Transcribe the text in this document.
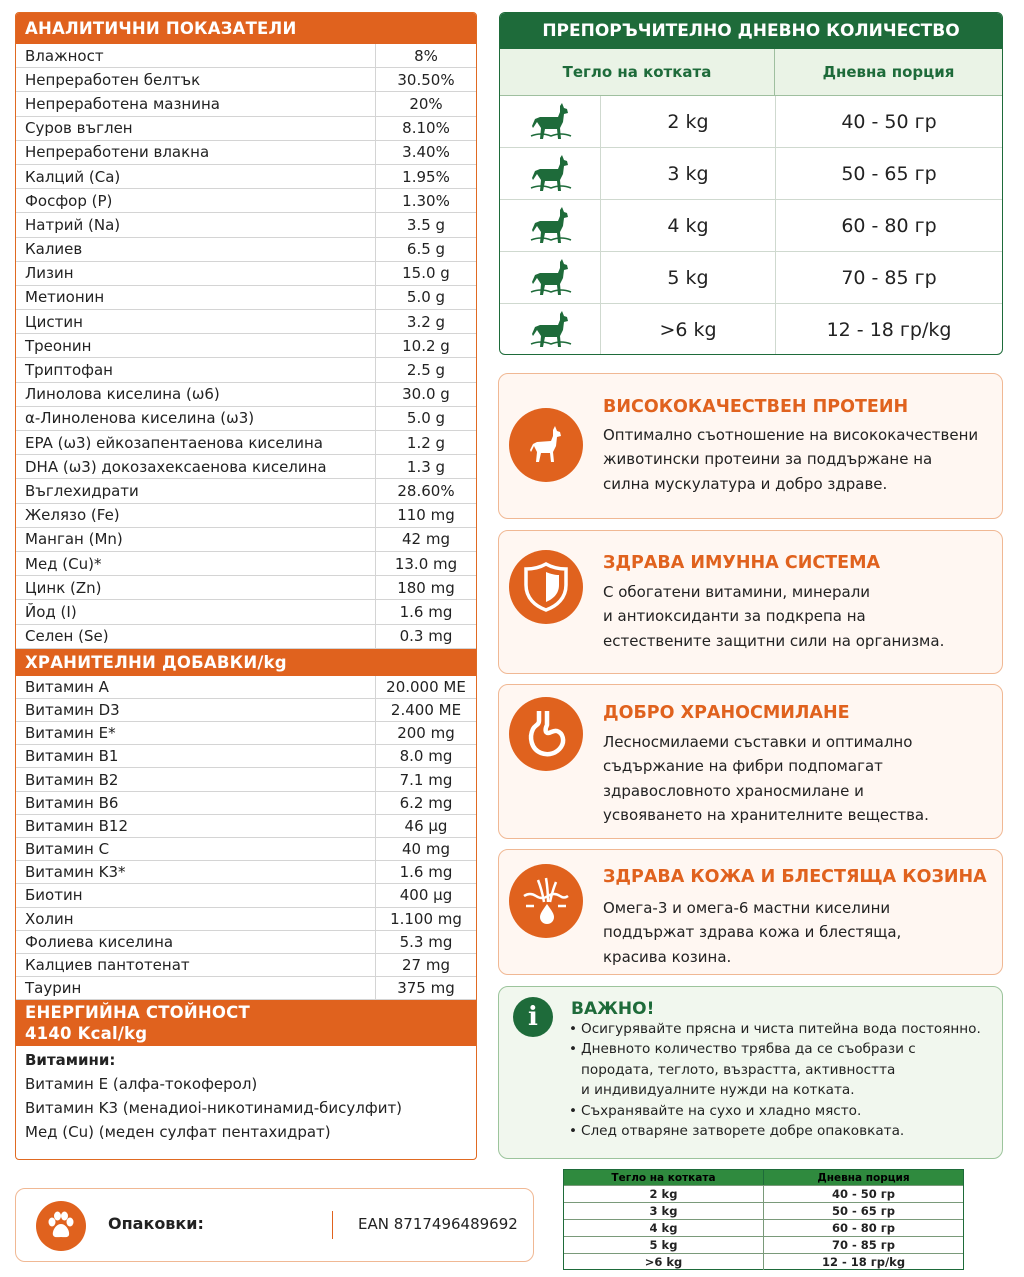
АНАЛИТИЧНИ ПОКАЗАТЕЛИ
Влажност	8%
Непреработен белтък	30.50%
Непреработена мазнина	20%
Суров въглен	8.10%
Непреработени влакна	3.40%
Калций (Ca)	1.95%
Фосфор (P)	1.30%
Натрий (Na)	3.5 g
Калиев	6.5 g
Лизин	15.0 g
Метионин	5.0 g
Цистин	3.2 g
Треонин	10.2 g
Триптофан	2.5 g
Линолова киселина (ω6)	30.0 g
α-Линоленова киселина (ω3)	5.0 g
EPA (ω3) ейкозапентаенова киселина	1.2 g
DHA (ω3) докозахексаенова киселина	1.3 g
Въглехидрати	28.60%
Желязо (Fe)	110 mg
Манган (Mn)	42 mg
Мед (Cu)*	13.0 mg
Цинк (Zn)	180 mg
Йод (I)	1.6 mg
Селен (Se)	0.3 mg
ХРАНИТЕЛНИ ДОБАВКИ/kg
Витамин A	20.000 МЕ
Витамин D3	2.400 МЕ
Витамин E*	200 mg
Витамин B1	8.0 mg
Витамин B2	7.1 mg
Витамин B6	6.2 mg
Витамин B12	46 µg
Витамин C	40 mg
Витамин K3*	1.6 mg
Биотин	400 µg
Холин	1.100 mg
Фолиева киселина	5.3 mg
Калциев пантотенат	27 mg
Таурин	375 mg
ЕНЕРГИЙНА СТОЙНОСТ
4140 Kcal/kg
Витамини:
Витамин E (алфа-токоферол)
Витамин K3 (менадиоі-никотинамид-бисулфит)
Мед (Cu) (меден сулфат пентахидрат)
ПРЕПОРЪЧИТЕЛНО ДНЕВНО КОЛИЧЕСТВО
Тегло на котката	Дневна порция
2 kg	40 - 50 гр
3 kg	50 - 65 гр
4 kg	60 - 80 гр
5 kg	70 - 85 гр
>6 kg	12 - 18 гр/kg
ВИСОКОКАЧЕСТВЕН ПРОТЕИН
Оптимално съотношение на висококачествени
животински протеини за поддържане на
силна мускулатура и добро здраве.
ЗДРАВА ИМУННА СИСТЕМА
С обогатени витамини, минерали
и антиоксиданти за подкрепа на
естествените защитни сили на организма.
ДОБРО ХРАНОСМИЛАНЕ
Лесносмилаеми съставки и оптимално
съдържание на фибри подпомагат
здравословното храносмилане и
усвояването на хранителните вещества.
ЗДРАВА КОЖА И БЛЕСТЯЩА КОЗИНА
Омега-3 и омега-6 мастни киселини
поддържат здрава кожа и блестяща,
красива козина.
i	ВАЖНО!
• Осигурявайте прясна и чиста питейна вода постоянно.
• Дневното количество трябва да се съобрази с
породата, теглото, възрастта, активността
и индивидуалните нужди на котката.
• Съхранявайте на сухо и хладно място.
• След отваряне затворете добре опаковката.
Опаковки:	EAN 8717496489692
Тегло на котката	Дневна порция
2 kg	40 - 50 гр
3 kg	50 - 65 гр
4 kg	60 - 80 гр
5 kg	70 - 85 гр
>6 kg	12 - 18 гр/kg
